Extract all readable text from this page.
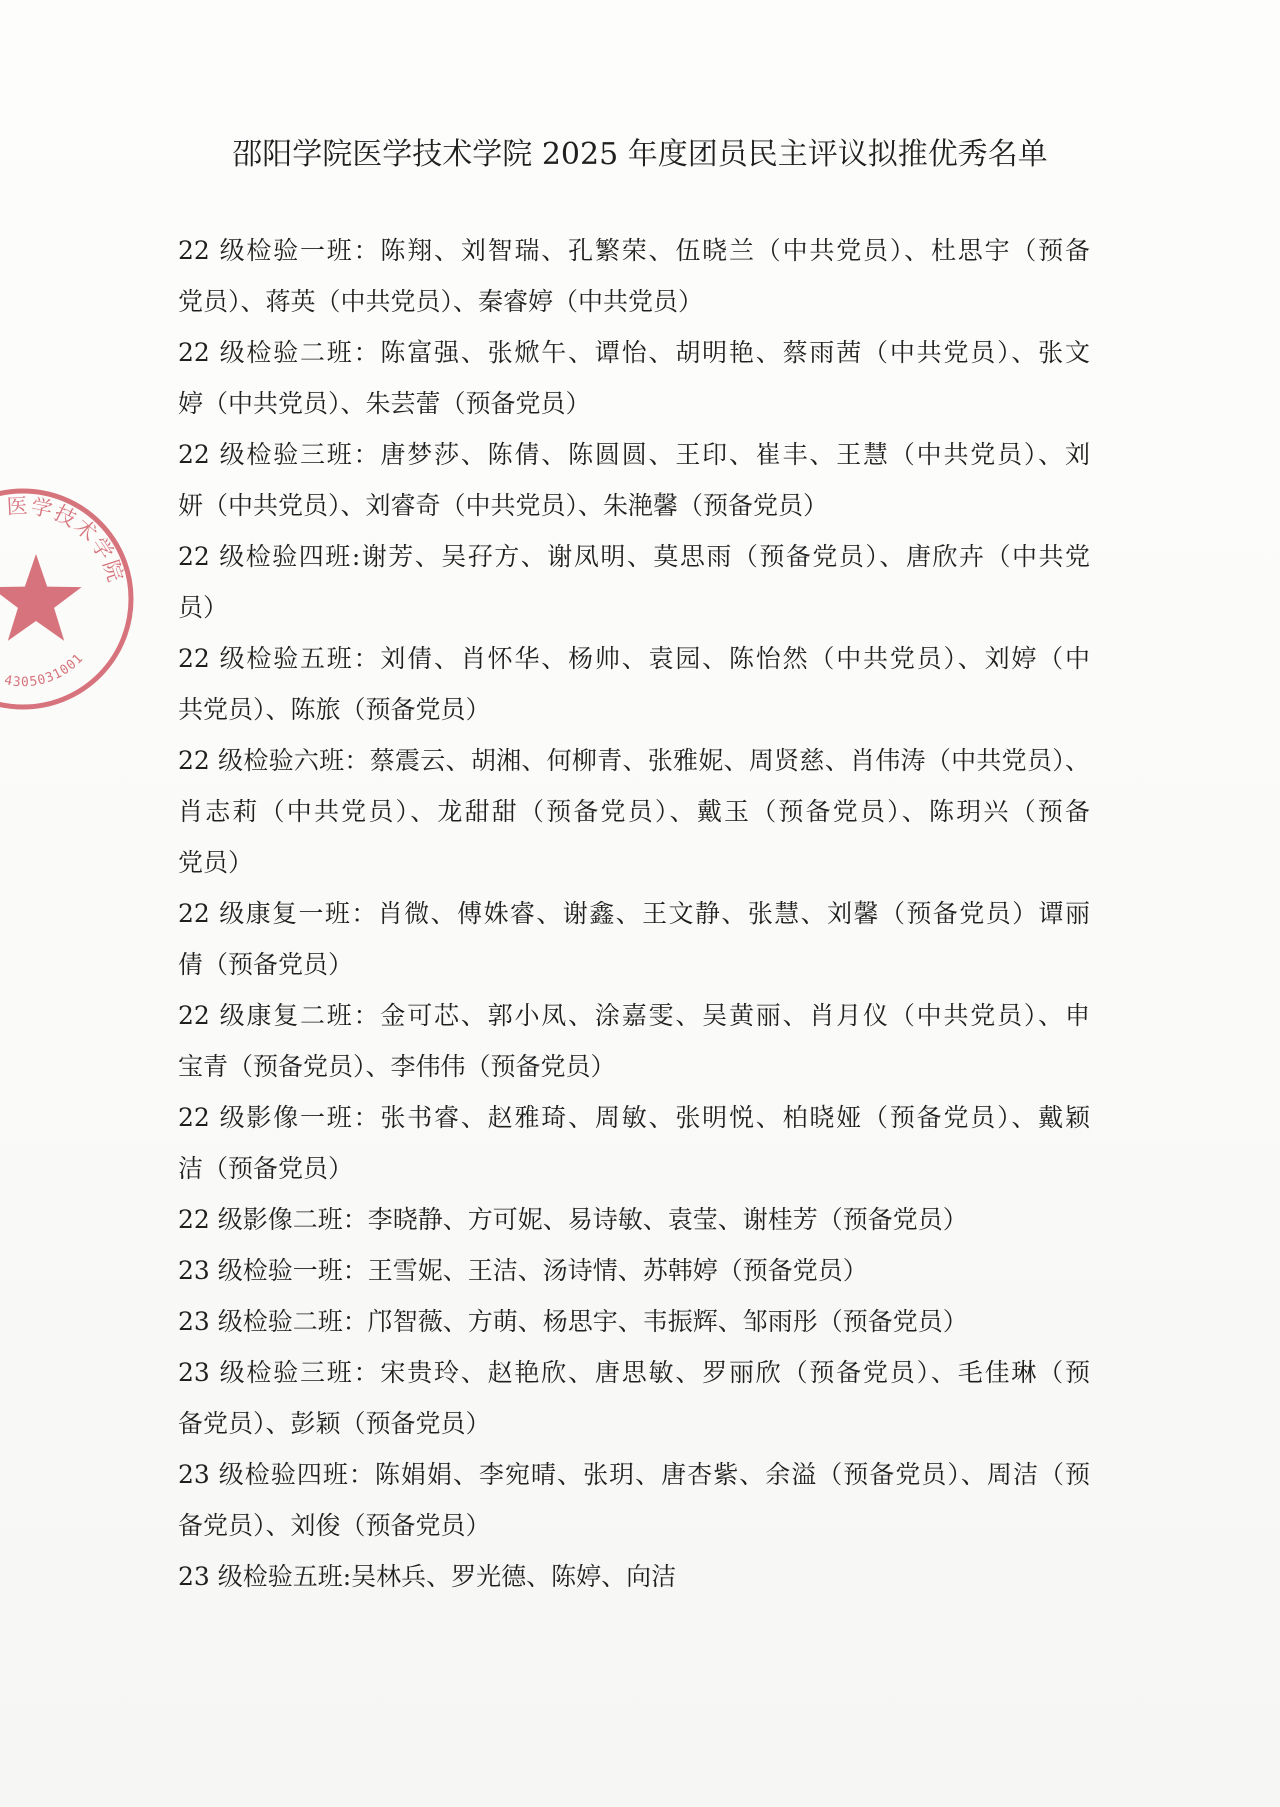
邵阳学院医学技术学院 2025 年度团员民主评议拟推优秀名单
医学技术学院
4305031001
22 级检验一班：陈翔、刘智瑞、孔繁荣、伍晓兰（中共党员）、杜思宇（预备
党员）、蒋英（中共党员）、秦睿婷（中共党员）
22 级检验二班：陈富强、张焮午、谭怡、胡明艳、蔡雨茜（中共党员）、张文
婷（中共党员）、朱芸蕾（预备党员）
22 级检验三班：唐梦莎、陈倩、陈圆圆、王印、崔丰、王慧（中共党员）、刘
妍（中共党员）、刘睿奇（中共党员）、朱滟馨（预备党员）
22 级检验四班:谢芳、吴孖方、谢凤明、莫思雨（预备党员）、唐欣卉（中共党
员）
22 级检验五班：刘倩、肖怀华、杨帅、袁园、陈怡然（中共党员）、刘婷（中
共党员）、陈旅（预备党员）
22 级检验六班：蔡震云、胡湘、何柳青、张雅妮、周贤慈、肖伟涛（中共党员）、
肖志莉（中共党员）、龙甜甜（预备党员）、戴玉（预备党员）、陈玥兴（预备
党员）
22 级康复一班：肖微、傅姝睿、谢鑫、王文静、张慧、刘馨（预备党员）谭丽
倩（预备党员）
22 级康复二班：金可芯、郭小凤、涂嘉雯、吴黄丽、肖月仪（中共党员）、申
宝青（预备党员）、李伟伟（预备党员）
22 级影像一班：张书睿、赵雅琦、周敏、张明悦、柏晓娅（预备党员）、戴颖
洁（预备党员）
22 级影像二班：李晓静、方可妮、易诗敏、袁莹、谢桂芳（预备党员）
23 级检验一班：王雪妮、王洁、汤诗情、苏韩婷（预备党员）
23 级检验二班：邝智薇、方萌、杨思宇、韦振辉、邹雨彤（预备党员）
23 级检验三班：宋贵玲、赵艳欣、唐思敏、罗丽欣（预备党员）、毛佳琳（预
备党员）、彭颖（预备党员）
23 级检验四班：陈娟娟、李宛晴、张玥、唐杏紫、余溢（预备党员）、周洁（预
备党员）、刘俊（预备党员）
23 级检验五班:吴林兵、罗光德、陈婷、向洁
